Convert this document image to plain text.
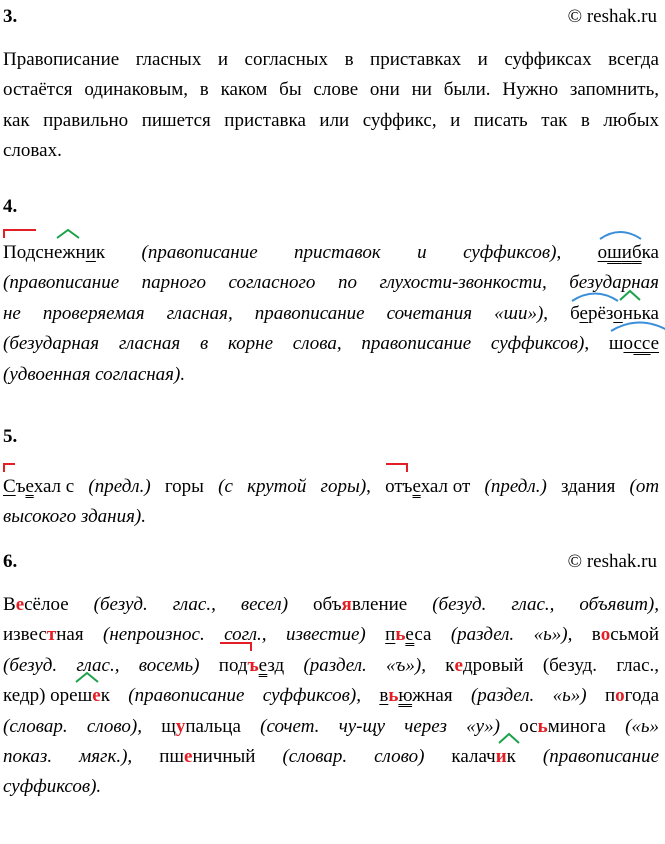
3.	© reshak.ru
Правописание гласных и согласных в приставках и суффиксах всегда
остаётся одинаковым, в каком бы слове они ни были. Нужно запомнить,
как правильно пишется приставка или суффикс, и писать так в любых
словах.
4.
Подснежник (правописание приставок и суффиксов),
ошибка
(правописание парного согласного по глухости-звонкости, безударная
не проверяемая гласная, правописание сочетания «ши»),
берёзонька
(безударная гласная в корне слова, правописание суффиксов),
шоссе
(удвоенная согласная).
5.
Съехал с (предл.) горы (с крутой горы),
отъехал от (предл.) здания (от
высокого здания).
6.	© reshak.ru
Весёлое (безуд. глас., весел) объявление (безуд. глас., объявит),
известная (непроизнос. согл., известие) пьеса (раздел. «ь»), восьмой
(безуд. глас., восемь) подъезд (раздел. «ъ»), кедровый (безуд. глас.,
кедр) орешек (правописание суффиксов), вьюжная (раздел. «ь») погода
(словар. слово), щупальца (сочет. чу-щу через «у») осьминога («ь»
показ. мягк.), пшеничный (словар. слово) калачик (правописание
суффиксов).
